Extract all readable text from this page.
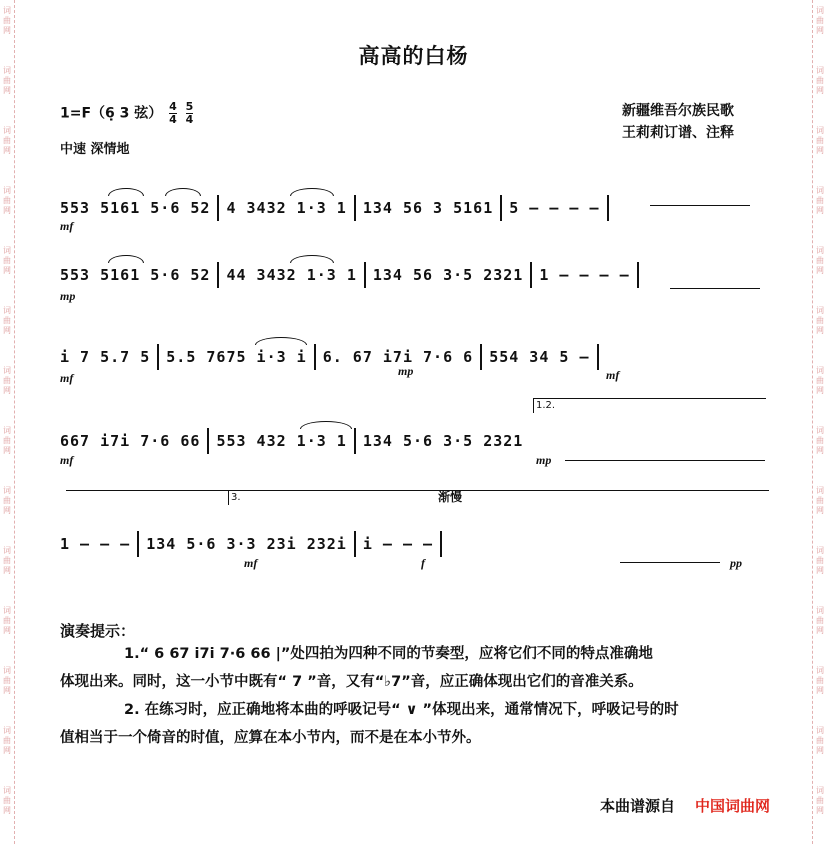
词曲网
词曲网
词曲网
词曲网
词曲网
词曲网
词曲网
词曲网
词曲网
词曲网
词曲网
词曲网
词曲网
词曲网
词曲网
词曲网
词曲网
词曲网
词曲网
词曲网
词曲网
词曲网
词曲网
词曲网
词曲网
词曲网
词曲网
词曲网
高高的白杨
1=F（6̣ 3 弦） $\frac{4}{4}$
$\frac{5}{4}$
中速 深情地
新疆维吾尔族民歌
王莉莉订谱、注释
553 5161 5·6 52 4 3432 1·3 1 134 56 3 5161 5 – – – –
mf
553 5161 5·6 52 44 3432 1·3 1 134 56 3·5 2321 1 – – – –
mp
i 7 5.7 5 5.5 7675 i·3 i 6. 67 i7i 7·6 6 554 34 5 –
mf	mp	mf
1.2.
667 i7i 7·6 66 553 432 1·3 1 134 5·6 3·5 2321
mf	mp
3.	渐慢
1 – – – 134 5·6 3·3 23i 232i i – – –
mf	f	pp
演奏提示：
1.“ 6 67 i7i 7·6 66 |”处四拍为四种不同的节奏型，应将它们不同的特点准确地
体现出来。同时，这一小节中既有“ 7 ”音，又有“♭7”音，应正确体现出它们的音准关系。
2. 在练习时，应正确地将本曲的呼吸记号“ ∨ ”体现出来，通常情况下，呼吸记号的时
值相当于一个倚音的时值，应算在本小节内，而不是在本小节外。
本曲谱源自 中国词曲网
